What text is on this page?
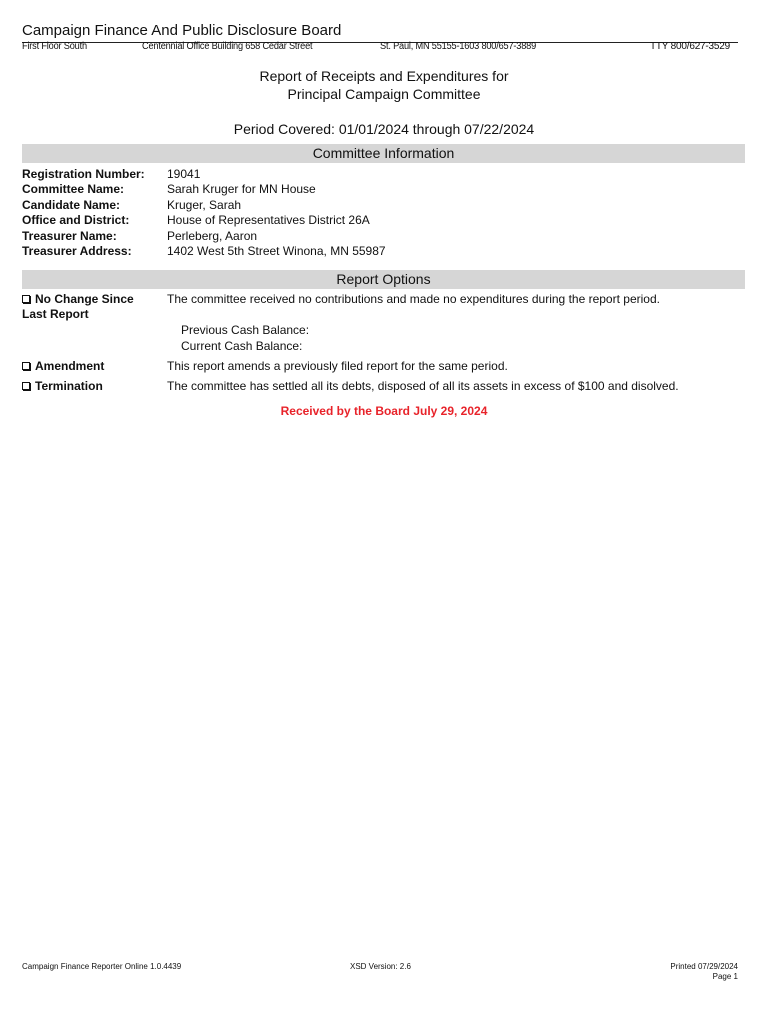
Campaign Finance And Public Disclosure Board
First Floor South	Centennial Office Building 658 Cedar Street	St. Paul, MN 55155-1603 800/657-3889	TTY 800/627-3529
Report of Receipts and Expenditures for
Principal Campaign Committee
Period Covered: 01/01/2024 through 07/22/2024
Committee Information
Registration Number: 19041
Committee Name:	Sarah Kruger for MN House
Candidate Name:	Kruger, Sarah
Office and District:	House of Representatives District 26A
Treasurer Name:	Perleberg, Aaron
Treasurer Address:	1402 West 5th Street Winona, MN 55987
Report Options
No Change Since
Last Report
The committee received no contributions and made no expenditures during the report period.
Previous Cash Balance:
Current Cash Balance:
Amendment	This report amends a previously filed report for the same period.
Termination	The committee has settled all its debts, disposed of all its assets in excess of $100 and disolved.
Received by the Board July 29, 2024
Campaign Finance Reporter Online 1.0.4439	XSD Version: 2.6	Printed 07/29/2024
Page 1
